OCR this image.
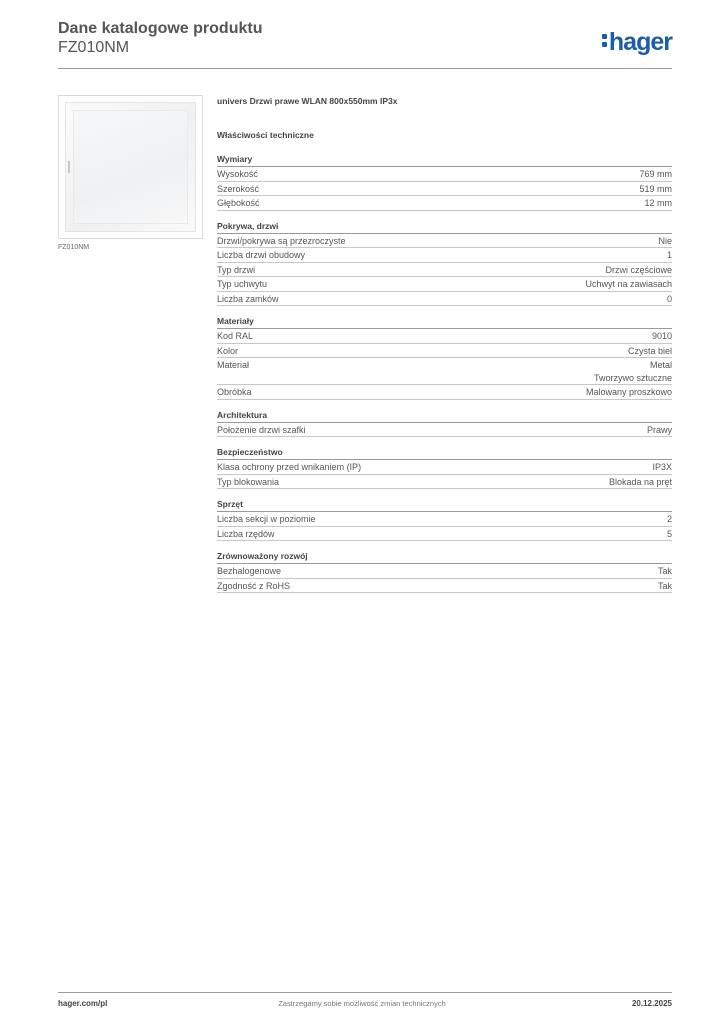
Dane katalogowe produktu
FZ010NM	hager
FZ010NM
univers Drzwi prawe WLAN 800x550mm IP3x
Właściwości techniczne
Wymiary
Wysokość	769 mm
Szerokość	519 mm
Głębokość	12 mm
Pokrywa, drzwi
Drzwi/pokrywa są przezroczyste	Nie
Liczba drzwi obudowy	1
Typ drzwi	Drzwi częściowe
Typ uchwytu	Uchwyt na zawiasach
Liczba zamków	0
Materiały
Kod RAL	9010
Kolor	Czysta biel
Materiał	Metal
Tworzywo sztuczne
Obróbka	Malowany proszkowo
Architektura
Położenie drzwi szafki	Prawy
Bezpieczeństwo
Klasa ochrony przed wnikaniem (IP)	IP3X
Typ blokowania	Blokada na pręt
Sprzęt
Liczba sekcji w poziomie	2
Liczba rzędów	5
Zrównoważony rozwój
Bezhalogenowe	Tak
Zgodność z RoHS	Tak
hager.com/pl	Zastrzegamy sobie możliwość zmian technicznych	20.12.2025
